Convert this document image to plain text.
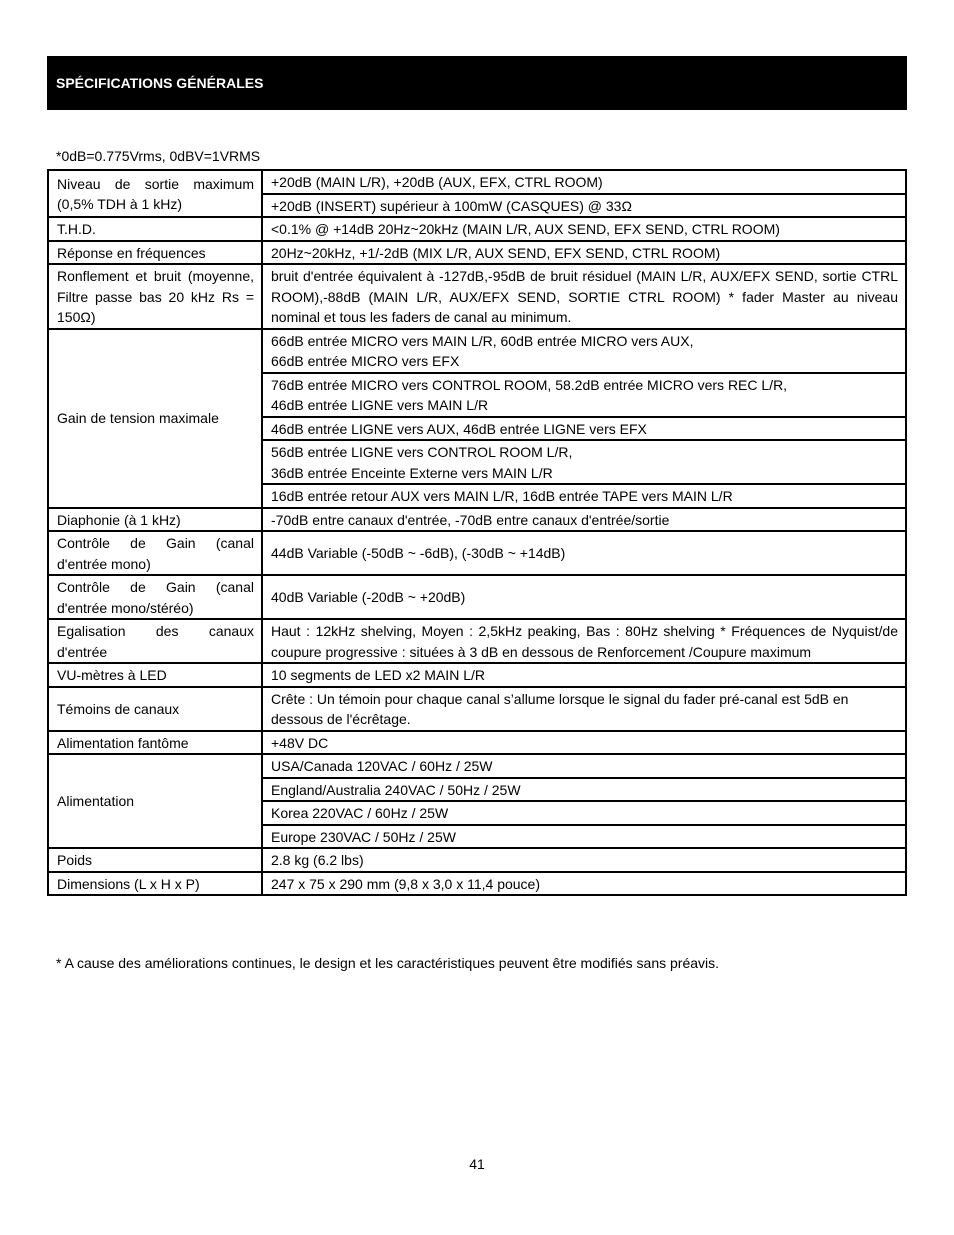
SPÉCIFICATIONS GÉNÉRALES
*0dB=0.775Vrms, 0dBV=1VRMS
Niveau de sortie maximum (0,5% TDH à 1 kHz)	+20dB (MAIN L/R), +20dB (AUX, EFX, CTRL ROOM)
	+20dB (INSERT) supérieur à 100mW (CASQUES) @ 33Ω
T.H.D.	<0.1% @ +14dB 20Hz~20kHz (MAIN L/R, AUX SEND, EFX SEND, CTRL ROOM)
Réponse en fréquences	20Hz~20kHz, +1/-2dB (MIX L/R, AUX SEND, EFX SEND, CTRL ROOM)
Ronflement et bruit (moyenne, Filtre passe bas 20 kHz Rs = 150Ω)	bruit d'entrée équivalent à -127dB,-95dB de bruit résiduel (MAIN L/R, AUX/EFX SEND, sortie CTRL ROOM),-88dB (MAIN L/R, AUX/EFX SEND, SORTIE CTRL ROOM) * fader Master au niveau nominal et tous les faders de canal au minimum.
Gain de tension maximale	66dB entrée MICRO vers MAIN L/R, 60dB entrée MICRO vers AUX,
66dB entrée MICRO vers EFX

	76dB entrée MICRO vers CONTROL ROOM, 58.2dB entrée MICRO vers REC L/R,
46dB entrée LIGNE vers MAIN L/R

	46dB entrée LIGNE vers AUX, 46dB entrée LIGNE vers EFX

	56dB entrée LIGNE vers CONTROL ROOM L/R,
36dB entrée Enceinte Externe vers MAIN L/R

	16dB entrée retour AUX vers MAIN L/R, 16dB entrée TAPE vers MAIN L/R

Diaphonie (à 1 kHz)	-70dB entre canaux d'entrée, -70dB entre canaux d'entrée/sortie
Contrôle de Gain (canal d'entrée mono)	44dB Variable (-50dB ~ -6dB), (-30dB ~ +14dB)
Contrôle de Gain (canal d'entrée mono/stéréo)	40dB Variable (-20dB ~ +20dB)
Egalisation des canaux d'entrée	Haut : 12kHz shelving, Moyen : 2,5kHz peaking, Bas : 80Hz shelving * Fréquences de Nyquist/de coupure progressive : situées à 3 dB en dessous de Renforcement /Coupure maximum
VU-mètres à LED	10 segments de LED x2 MAIN L/R
Témoins de canaux	Crête : Un témoin pour chaque canal s’allume lorsque le signal du fader pré-canal est 5dB en dessous de l'écrêtage.
Alimentation fantôme	+48V DC
Alimentation	USA/Canada 120VAC / 60Hz / 25W
	England/Australia 240VAC / 50Hz / 25W
	Korea 220VAC / 60Hz / 25W
	Europe 230VAC / 50Hz / 25W
Poids	2.8 kg (6.2 lbs)
Dimensions (L x H x P)	247 x 75 x 290 mm (9,8 x 3,0 x 11,4 pouce)
* A cause des améliorations continues, le design et les caractéristiques peuvent être modifiés sans préavis.
41
